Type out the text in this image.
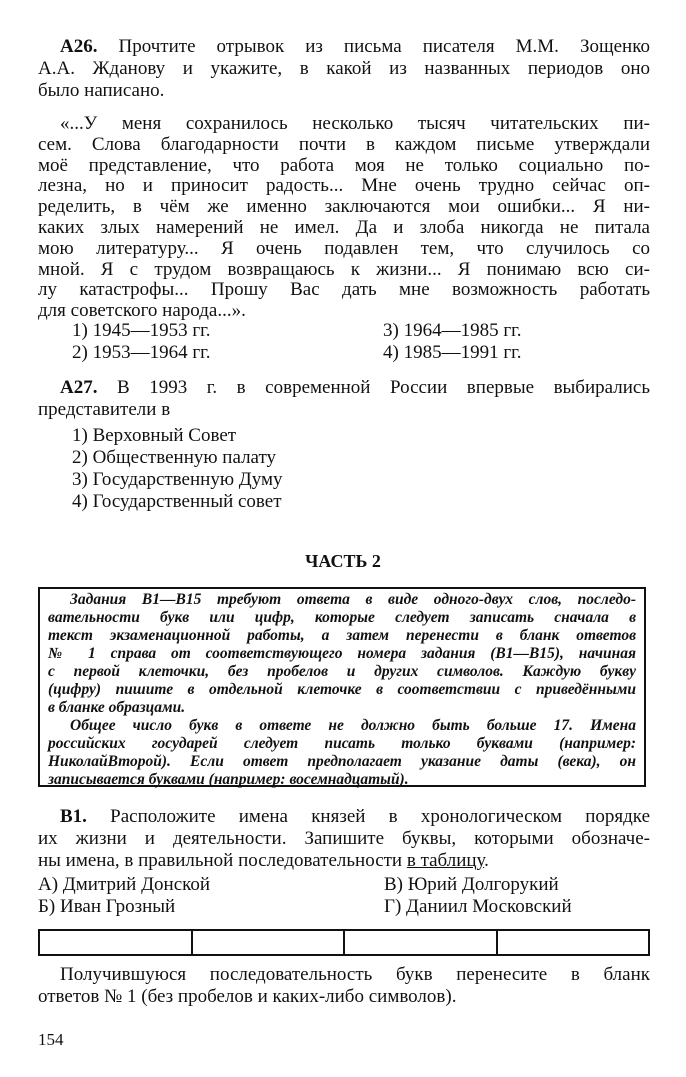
А26. Прочтите отрывок из письма писателя М.М. Зощенко
А.А. Жданову и укажите, в какой из названных периодов оно
было написано.
«...У меня сохранилось несколько тысяч читательских пи-
сем. Слова благодарности почти в каждом письме утверждали
моё представление, что работа моя не только социально по-
лезна, но и приносит радость... Мне очень трудно сейчас оп-
ределить, в чём же именно заключаются мои ошибки... Я ни-
каких злых намерений не имел. Да и злоба никогда не питала
мою литературу... Я очень подавлен тем, что случилось со
мной. Я с трудом возвращаюсь к жизни... Я понимаю всю си-
лу катастрофы... Прошу Вас дать мне возможность работать
для советского народа...».
1) 1945—1953 гг.
2) 1953—1964 гг.
3) 1964—1985 гг.
4) 1985—1991 гг.
А27. В 1993 г. в современной России впервые выбирались
представители в
1) Верховный Совет
2) Общественную палату
3) Государственную Думу
4) Государственный совет
ЧАСТЬ 2
Задания B1—B15 требуют ответа в виде одного-двух слов, последо-
вательности букв или цифр, которые следует записать сначала в
текст экзаменационной работы, а затем перенести в бланк ответов
№ 1 справа от соответствующего номера задания (B1—B15), начиная
с первой клеточки, без пробелов и других символов. Каждую букву
(цифру) пишите в отдельной клеточке в соответствии с приведёнными
в бланке образцами.
Общее число букв в ответе не должно быть больше 17. Имена
российских государей следует писать только буквами (например:
НиколайВторой). Если ответ предполагает указание даты (века), он
записывается буквами (например: восемнадцатый).
В1. Расположите имена князей в хронологическом порядке
их жизни и деятельности. Запишите буквы, которыми обозначе-
ны имена, в правильной последовательности в таблицу.
А) Дмитрий Донской
Б) Иван Грозный
В) Юрий Долгорукий
Г) Даниил Московский
Получившуюся последовательность букв перенесите в бланк
ответов № 1 (без пробелов и каких-либо символов).
154
